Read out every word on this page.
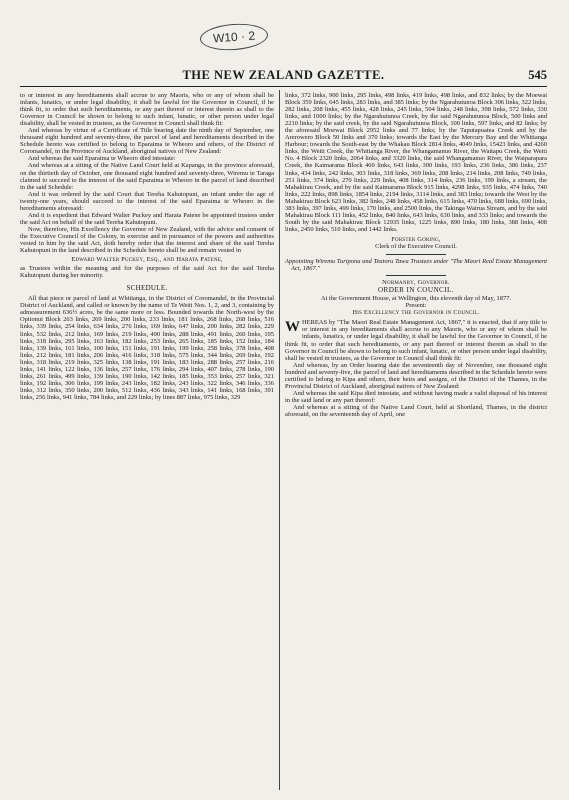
W10 · 2
THE NEW ZEALAND GAZETTE.	545

to or interest in any hereditaments shall accrue to any Maoris, who or any of whom shall be infants, lunatics, or under legal disability, it shall be lawful for the Governor in Council, if he think fit, to order that such hereditaments, or any part thereof or interest therein as shall to the Governor in Council be shown to belong to such infant, lunatic, or other person under legal disability, shall be vested in trustees, as the Governor in Council shall think fit:

And whereas by virtue of a Certificate of Title bearing date the ninth day of September, one thousand eight hundred and seventy-three, the parcel of land and hereditaments described in the Schedule hereto was certified to belong to Eparaima te Wheoro and others, of the District of Coromandel, in the Province of Auckland, aboriginal natives of New Zealand:

And whereas the said Eparaima te Wheoro died intestate:

And whereas at a sitting of the Native Land Court held at Kapanga, in the province aforesaid, on the thirtieth day of October, one thousand eight hundred and seventy-three, Wiremu te Taraga claimed to succeed to the interest of the said Eparaima te Wheoro in the parcel of land described in the said Schedule:

And it was ordered by the said Court that Tereha Kahutopuni, an infant under the age of twenty-one years, should succeed to the interest of the said Eparaima te Wheoro in the hereditaments aforesaid:

And it is expedient that Edward Walter Puckey and Harata Patene be appointed trustees under the said Act on behalf of the said Tereha Kahutopuni.

Now, therefore, His Excellency the Governor of New Zealand, with the advice and consent of the Executive Council of the Colony, in exercise and in pursuance of the powers and authorities vested in him by the said Act, doth hereby order that the interest and share of the said Tereha Kahutopuni in the land described in the Schedule hereto shall be and remain vested in

Edward Walter Puckey, Esq., and Harata Patene,

as Trustees within the meaning and for the purposes of the said Act for the said Tereha Kahutopuni during her minority.

SCHEDULE.

All that piece or parcel of land at Whitianga, in the District of Coromandel, in the Provincial District of Auckland, and called or known by the name of Te Weiti Nos. 1, 2, and 3, containing by admeasurement 636½ acres, be the same more or less. Bounded towards the North-west by the Opitonui Block 263 links, 269 links, 200 links, 233 links, 181 links, 268 links, 268 links, 516 links, 339 links, 254 links, 634 links, 276 links, 169 links, 647 links, 200 links, 282 links, 229 links, 532 links, 212 links, 169 links, 219 links, 490 links, 288 links, 491 links, 260 links, 195 links, 318 links, 295 links, 163 links, 182 links, 253 links, 265 links, 185 links, 152 links, 184 links, 139 links, 161 links, 100 links, 151 links, 191 links, 199 links, 258 links, 378 links, 408 links, 212 links, 181 links, 206 links, 416 links, 318 links, 575 links, 344 links, 269 links, 192 links, 318 links, 219 links, 325 links, 138 links, 191 links, 183 links, 288 links, 257 links, 216 links, 141 links, 122 links, 136 links, 257 links, 176 links, 294 links, 407 links, 278 links, 190 links, 261 links, 499 links, 139 links, 190 links, 142 links, 185 links, 353 links, 257 links, 321 links, 192 links, 306 links, 199 links, 243 links, 182 links, 243 links, 322 links, 346 links, 336 links, 312 links, 350 links, 200 links, 512 links, 436 links, 343 links, 141 links, 168 links, 391 links, 256 links, 941 links, 784 links, and 229 links; by lines 887 links, 975 links, 329

links, 372 links, 900 links, 295 links, 498 links, 419 links, 498 links, and 832 links; by the Moewai Block 359 links, 645 links, 283 links, and 385 links; by the Ngarahutunoa Block 306 links, 322 links, 282 links, 208 links, 455 links, 428 links, 245 links, 504 links, 248 links, 398 links, 572 links, 330 links, and 1000 links; by the Ngarahutunoa Creek, by the said Ngarahutunoa Block, 500 links and 2210 links; by the said creek, by the said Ngarahutunoa Block, 100 links, 597 links, and 82 links; by the aforesaid Moewai Block 2952 links and 77 links; by the Taputapuatea Creek and by the Arerowero Block 50 links and 370 links; towards the East by the Mercury Bay and the Whitianga Harbour; towards the South-east by the Whakau Block 2814 links, 4049 links, 15423 links, and 4260 links, the Weiti Creek, the Whitianga River, the Whangamanuo River, the Waitapu Creek, the Weiti No. 4 Block 2320 links, 2064 links, and 3320 links, the said Whangamanuo River, the Waiparapara Creek, the Kaimarama Block 460 links, 643 links, 300 links, 193 links, 236 links, 386 links, 237 links, 434 links, 242 links, 303 links, 318 links, 369 links, 208 links, 214 links, 208 links, 749 links, 251 links, 374 links, 270 links, 229 links, 408 links, 314 links, 236 links, 199 links, a stream, the Mahakirau Creek, and by the said Kaimarama Block 915 links, 4298 links, 935 links, 474 links, 740 links, 222 links, 898 links, 1854 links, 2194 links, 3114 links, and 383 links; towards the West by the Mahakirau Block 623 links, 382 links, 248 links, 458 links, 615 links, 470 links, 688 links, 690 links, 383 links, 397 links, 499 links, 170 links, and 2500 links, the Takinga Wairua Stream, and by the said Mahakirau Block 111 links, 452 links, 840 links, 643 links, 630 links, and 333 links; and towards the South by the said Mahakirau Block 12935 links, 1225 links, 890 links, 180 links, 388 links, 408 links, 2450 links, 510 links, and 1442 links.

Forster Goring,

Clerk of the Executive Council.

Appointing Wiremu Turipona and Teutoru Tawa Trustees under "The Maori Real Estate Management Act, 1867."

Normanby, Governor.

ORDER IN COUNCIL.

At the Government House, at Wellington, this eleventh day of May, 1877.

Present:

His Excellency the Governor in Council.

WHEREAS by "The Maori Real Estate Management Act, 1867," it is enacted, that if any title to or interest in any hereditaments shall accrue to any Maoris, who or any of whom shall be infants, lunatics, or under legal disability, it shall be lawful for the Governor in Council, if he think fit, to order that such hereditaments, or any part thereof or interest therein as shall to the Governor in Council be shown to belong to such infant, lunatic, or other person under legal disability, shall be vested in trustees, as the Governor in Council shall think fit:

And whereas, by an Order bearing date the seventeenth day of November, one thousand eight hundred and seventy-five, the parcel of land and hereditaments described in the Schedule hereto were certified to belong to Kipa and others, their heirs and assigns, of the District of the Thames, in the Provincial District of Auckland, aboriginal natives of New Zealand:

And whereas the said Kipa died intestate, and without having made a valid disposal of his interest in the said land or any part thereof:

And whereas at a sitting of the Native Land Court, held at Shortland, Thames, in the district aforesaid, on the seventeenth day of April, one
